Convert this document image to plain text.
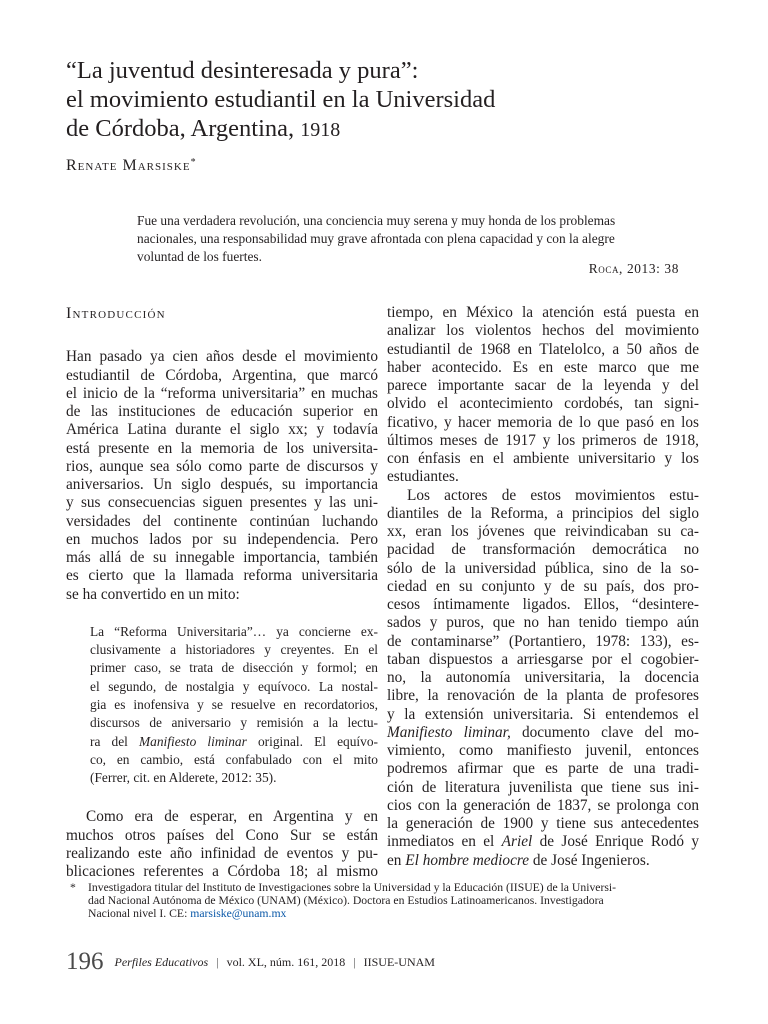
“La juventud desinteresada y pura”:
el movimiento estudiantil en la Universidad
de Córdoba, Argentina, 1918
Renate Marsiske*
Fue una verdadera revolución, una conciencia muy serena y muy honda de los problemas
nacionales, una responsabilidad muy grave afrontada con plena capacidad y con la alegre
voluntad de los fuertes.
Roca, 2013: 38
Introducción
Han pasado ya cien años desde el movimiento
estudiantil de Córdoba, Argentina, que marcó
el inicio de la “reforma universitaria” en muchas
de las instituciones de educación superior en
América Latina durante el siglo xx; y todavía
está presente en la memoria de los universita-
rios, aunque sea sólo como parte de discursos y
aniversarios. Un siglo después, su importancia
y sus consecuencias siguen presentes y las uni-
versidades del continente continúan luchando
en muchos lados por su independencia. Pero
más allá de su innegable importancia, también
es cierto que la llamada reforma universitaria
se ha convertido en un mito:
La “Reforma Universitaria”… ya concierne ex-
clusivamente a historiadores y creyentes. En el
primer caso, se trata de disección y formol; en
el segundo, de nostalgia y equívoco. La nostal-
gia es inofensiva y se resuelve en recordatorios,
discursos de aniversario y remisión a la lectu-
ra del Manifiesto liminar original. El equívo-
co, en cambio, está confabulado con el mito
(Ferrer, cit. en Alderete, 2012: 35).
Como era de esperar, en Argentina y en
muchos otros países del Cono Sur se están
realizando este año infinidad de eventos y pu-
blicaciones referentes a Córdoba 18; al mismo
tiempo, en México la atención está puesta en
analizar los violentos hechos del movimiento
estudiantil de 1968 en Tlatelolco, a 50 años de
haber acontecido. Es en este marco que me
parece importante sacar de la leyenda y del
olvido el acontecimiento cordobés, tan signi-
ficativo, y hacer memoria de lo que pasó en los
últimos meses de 1917 y los primeros de 1918,
con énfasis en el ambiente universitario y los
estudiantes.
Los actores de estos movimientos estu-
diantiles de la Reforma, a principios del siglo
xx, eran los jóvenes que reivindicaban su ca-
pacidad de transformación democrática no
sólo de la universidad pública, sino de la so-
ciedad en su conjunto y de su país, dos pro-
cesos íntimamente ligados. Ellos, “desintere-
sados y puros, que no han tenido tiempo aún
de contaminarse” (Portantiero, 1978: 133), es-
taban dispuestos a arriesgarse por el cogobier-
no, la autonomía universitaria, la docencia
libre, la renovación de la planta de profesores
y la extensión universitaria. Si entendemos el
Manifiesto liminar, documento clave del mo-
vimiento, como manifiesto juvenil, entonces
podremos afirmar que es parte de una tradi-
ción de literatura juvenilista que tiene sus ini-
cios con la generación de 1837, se prolonga con
la generación de 1900 y tiene sus antecedentes
inmediatos en el Ariel de José Enrique Rodó y
en El hombre mediocre de José Ingenieros.
* Investigadora titular del Instituto de Investigaciones sobre la Universidad y la Educación (IISUE) de la Universi-
dad Nacional Autónoma de México (UNAM) (México). Doctora en Estudios Latinoamericanos. Investigadora
Nacional nivel I. CE: marsiske@unam.mx
196 Perfiles Educativos | vol. XL, núm. 161, 2018 | IISUE-UNAM
